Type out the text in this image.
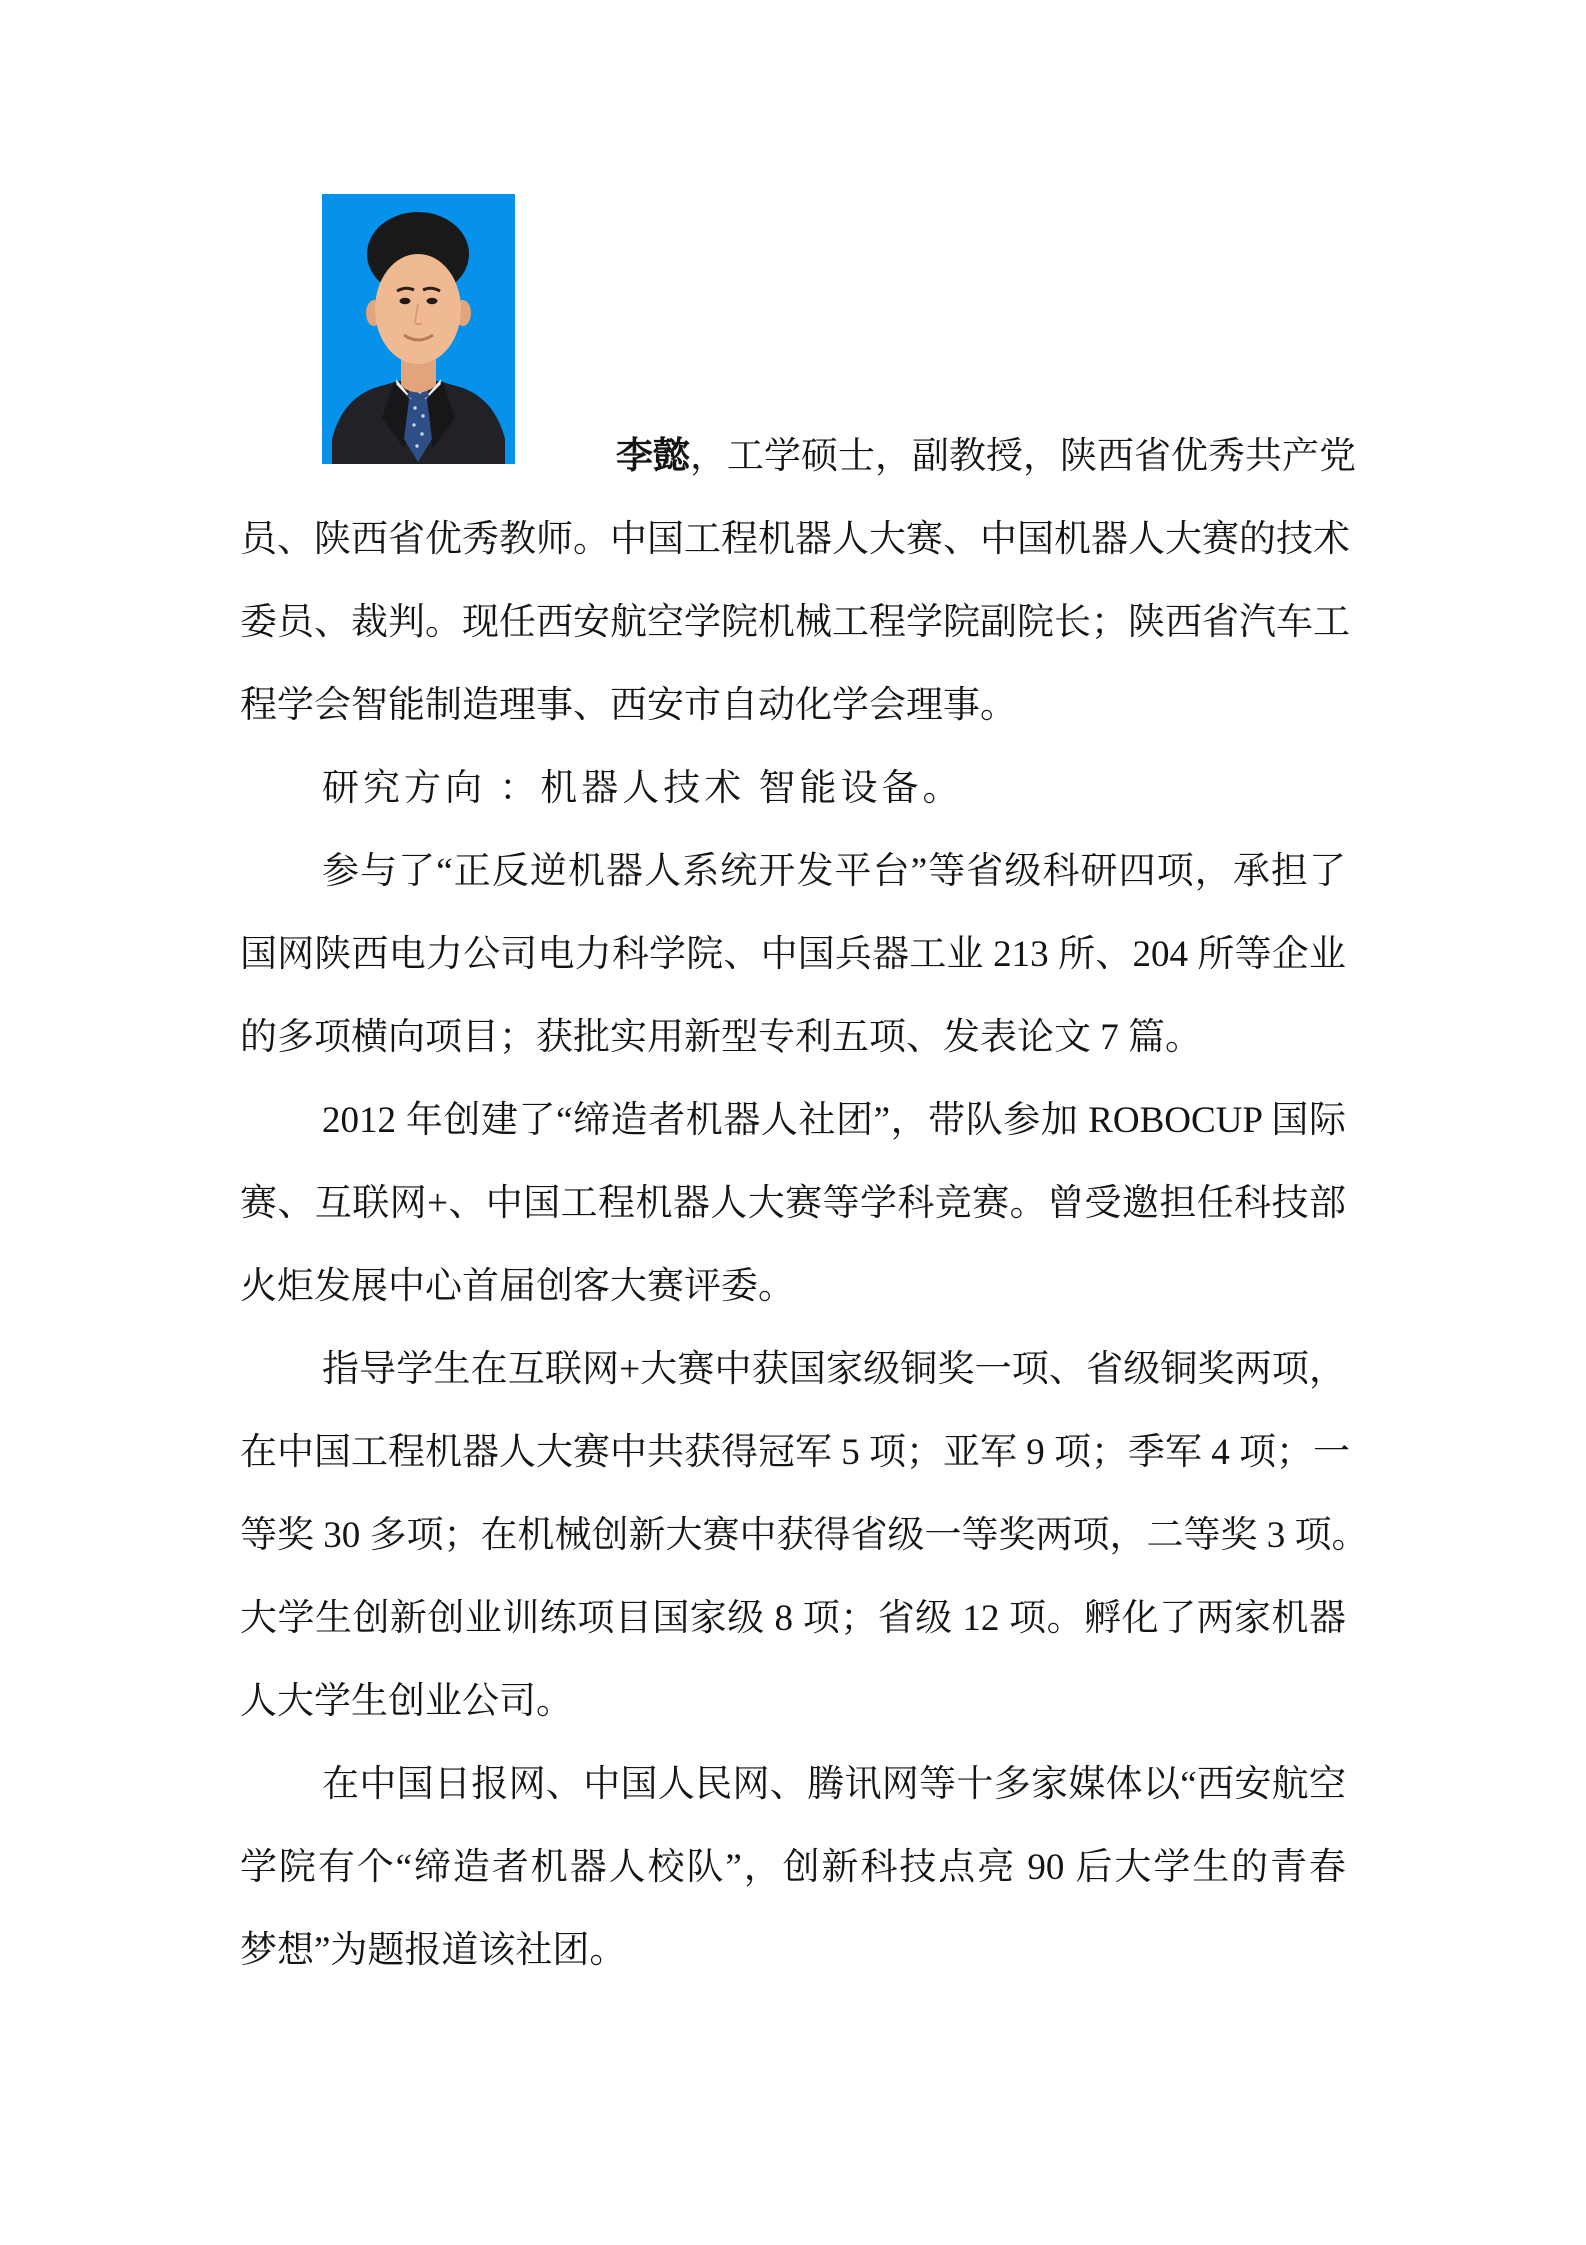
李懿，工学硕士，副教授，陕西省优秀共产党
员、陕西省优秀教师。中国工程机器人大赛、中国机器人大赛的技术
委员、裁判。现任西安航空学院机械工程学院副院长；陕西省汽车工
程学会智能制造理事、西安市自动化学会理事。
研究方向 ：机器人技术 智能设备。
参与了“正反逆机器人系统开发平台”等省级科研四项，承担了
国网陕西电力公司电力科学院、中国兵器工业 213 所、204 所等企业
的多项横向项目；获批实用新型专利五项、发表论文 7 篇。
2012 年创建了“缔造者机器人社团”，带队参加 ROBOCUP 国际
赛、互联网+、中国工程机器人大赛等学科竞赛。曾受邀担任科技部
火炬发展中心首届创客大赛评委。
指导学生在互联网+大赛中获国家级铜奖一项、省级铜奖两项，
在中国工程机器人大赛中共获得冠军 5 项；亚军 9 项；季军 4 项；一
等奖 30 多项；在机械创新大赛中获得省级一等奖两项，二等奖 3 项。
大学生创新创业训练项目国家级 8 项；省级 12 项。孵化了两家机器
人大学生创业公司。
在中国日报网、中国人民网、腾讯网等十多家媒体以“西安航空
学院有个“缔造者机器人校队”，创新科技点亮 90 后大学生的青春
梦想”为题报道该社团。
